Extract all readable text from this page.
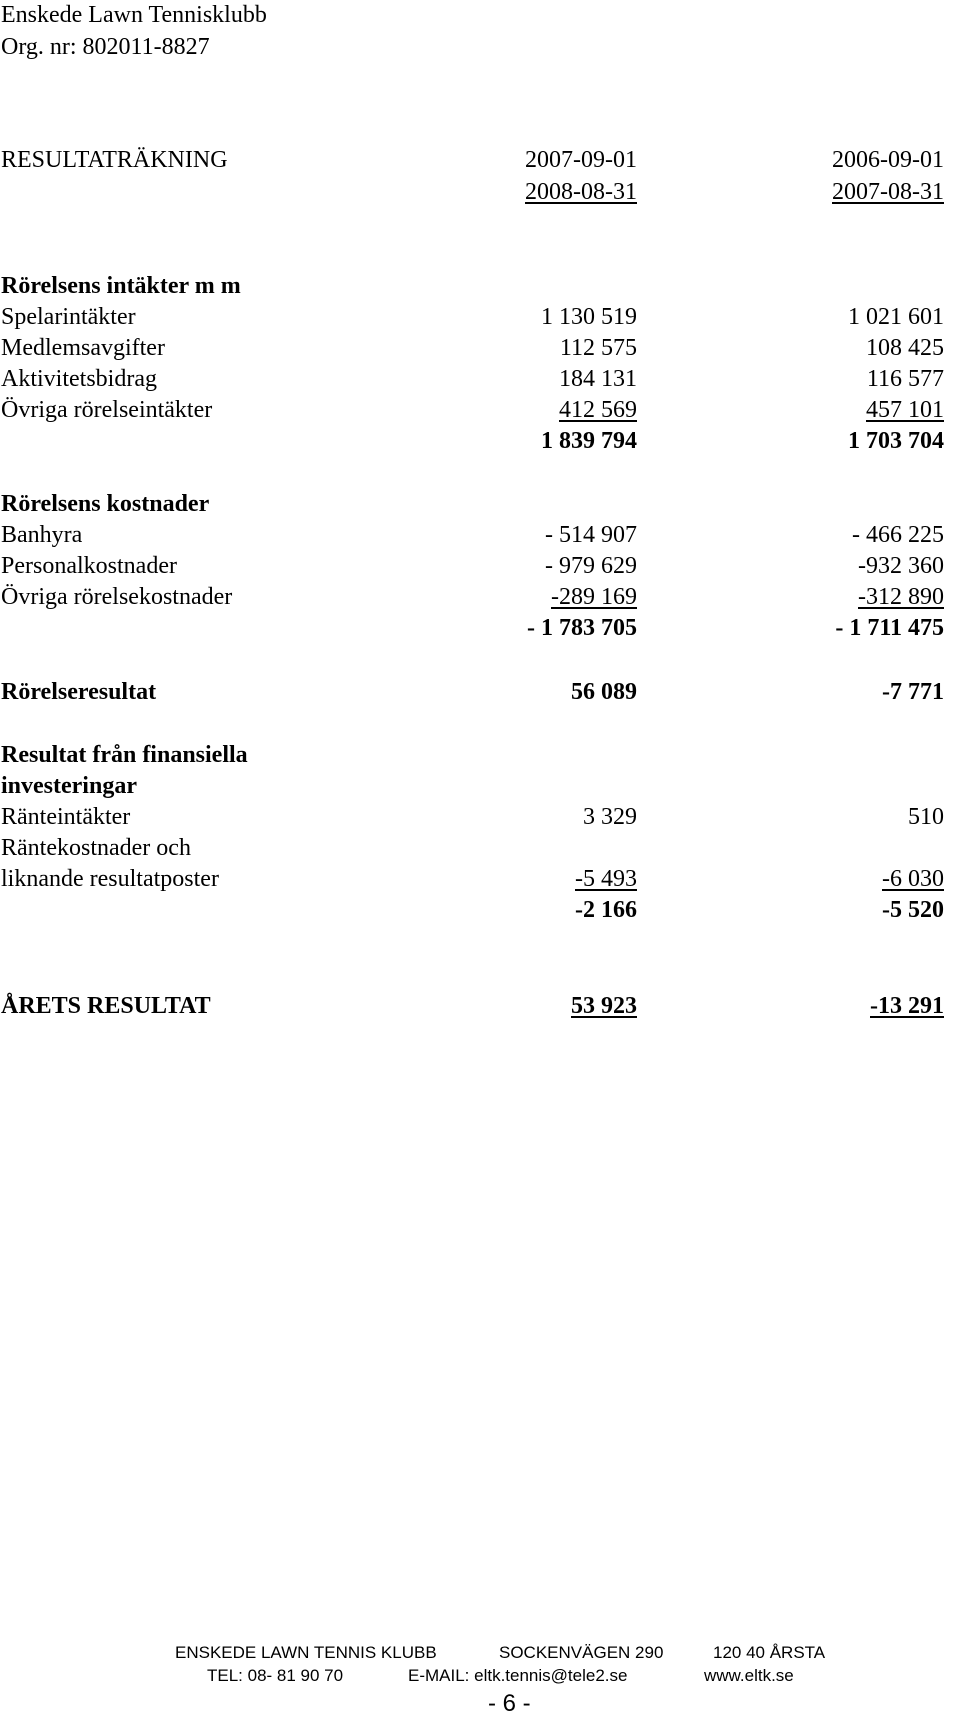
Enskede Lawn Tennisklubb
Org. nr: 802011-8827
RESULTATRÄKNING	2007-09-01	2006-09-01
2008-08-31	2007-08-31
Rörelsens intäkter m m
Spelarintäkter	1 130 519	1 021 601
Medlemsavgifter	112 575	108 425
Aktivitetsbidrag	184 131	116 577
Övriga rörelseintäkter	412 569	457 101
1 839 794	1 703 704
Rörelsens kostnader
Banhyra	- 514 907	- 466 225
Personalkostnader	- 979 629	-932 360
Övriga rörelsekostnader	-289 169	-312 890
- 1 783 705	- 1 711 475
Rörelseresultat	56 089	-7 771
Resultat från finansiella
investeringar
Ränteintäkter	3 329	510
Räntekostnader och
liknande resultatposter	-5 493	-6 030
-2 166	-5 520
ÅRETS RESULTAT	53 923	-13 291
ENSKEDE LAWN TENNIS KLUBB	SOCKENVÄGEN 290	120 40 ÅRSTA
TEL: 08- 81 90 70	E-MAIL: eltk.tennis@tele2.se	www.eltk.se
- 6 -
